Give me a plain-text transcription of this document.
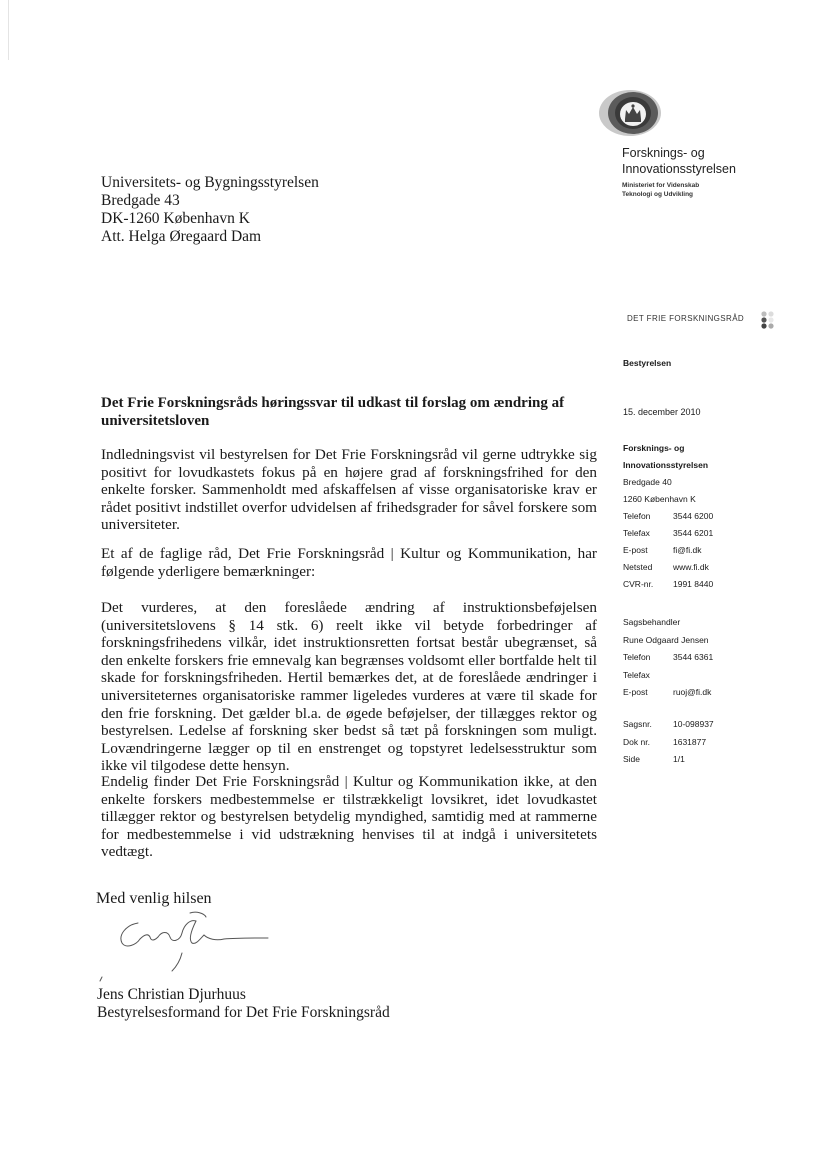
Forsknings- og
Innovationsstyrelsen
Ministeriet for Videnskab
Teknologi og Udvikling
Universitets- og Bygningsstyrelsen
Bredgade 43
DK-1260 København K
Att. Helga Øregaard Dam
DET FRIE FORSKNINGSRÅD
Bestyrelsen
15. december 2010
Forsknings- og
Innovationsstyrelsen
Bredgade 40
1260 København K
Telefon	3544 6200
Telefax	3544 6201
E-post	fi@fi.dk
Netsted	www.fi.dk
CVR-nr.	1991 8440
Sagsbehandler
Rune Odgaard Jensen
Telefon	3544 6361
Telefax
E-post	ruoj@fi.dk
Sagsnr.	10-098937
Dok nr.	1631877
Side	1/1
Det Frie Forskningsråds høringssvar til udkast til forslag om ændring af universitetsloven

Indledningsvist vil bestyrelsen for Det Frie Forskningsråd vil gerne udtrykke sig positivt for lovudkastets fokus på en højere grad af forskningsfrihed for den enkelte forsker. Sammenholdt med afskaffelsen af visse organisatoriske krav er rådet positivt indstillet overfor udvidelsen af frihedsgrader for såvel forskere som universiteter.

Et af de faglige råd, Det Frie Forskningsråd | Kultur og Kommunikation, har følgende yderligere bemærkninger:

Det vurderes, at den foreslåede ændring af instruktionsbeføjelsen (universitetslovens § 14 stk. 6) reelt ikke vil betyde forbedringer af forskningsfrihedens vilkår, idet instruktionsretten fortsat består ubegrænset, så den enkelte forskers frie emnevalg kan begrænses voldsomt eller bortfalde helt til skade for forskningsfriheden. Hertil bemærkes det, at de foreslåede ændringer i universiteternes organisatoriske rammer ligeledes vurderes at være til skade for den frie forskning. Det gælder bl.a. de øgede beføjelser, der tillægges rektor og bestyrelsen. Ledelse af forskning sker bedst så tæt på forskningen som muligt. Lovændringerne lægger op til en enstrenget og topstyret ledelsesstruktur som ikke vil tilgodese dette hensyn.

Endelig finder Det Frie Forskningsråd | Kultur og Kommunikation ikke, at den enkelte forskers medbestemmelse er tilstrækkeligt lovsikret, idet lovudkastet tillægger rektor og bestyrelsen betydelig myndighed, samtidig med at rammerne for medbestemmelse i vid udstrækning henvises til at indgå i universitetets vedtægt.

Med venlig hilsen
Jens Christian Djurhuus
Bestyrelsesformand for Det Frie Forskningsråd
